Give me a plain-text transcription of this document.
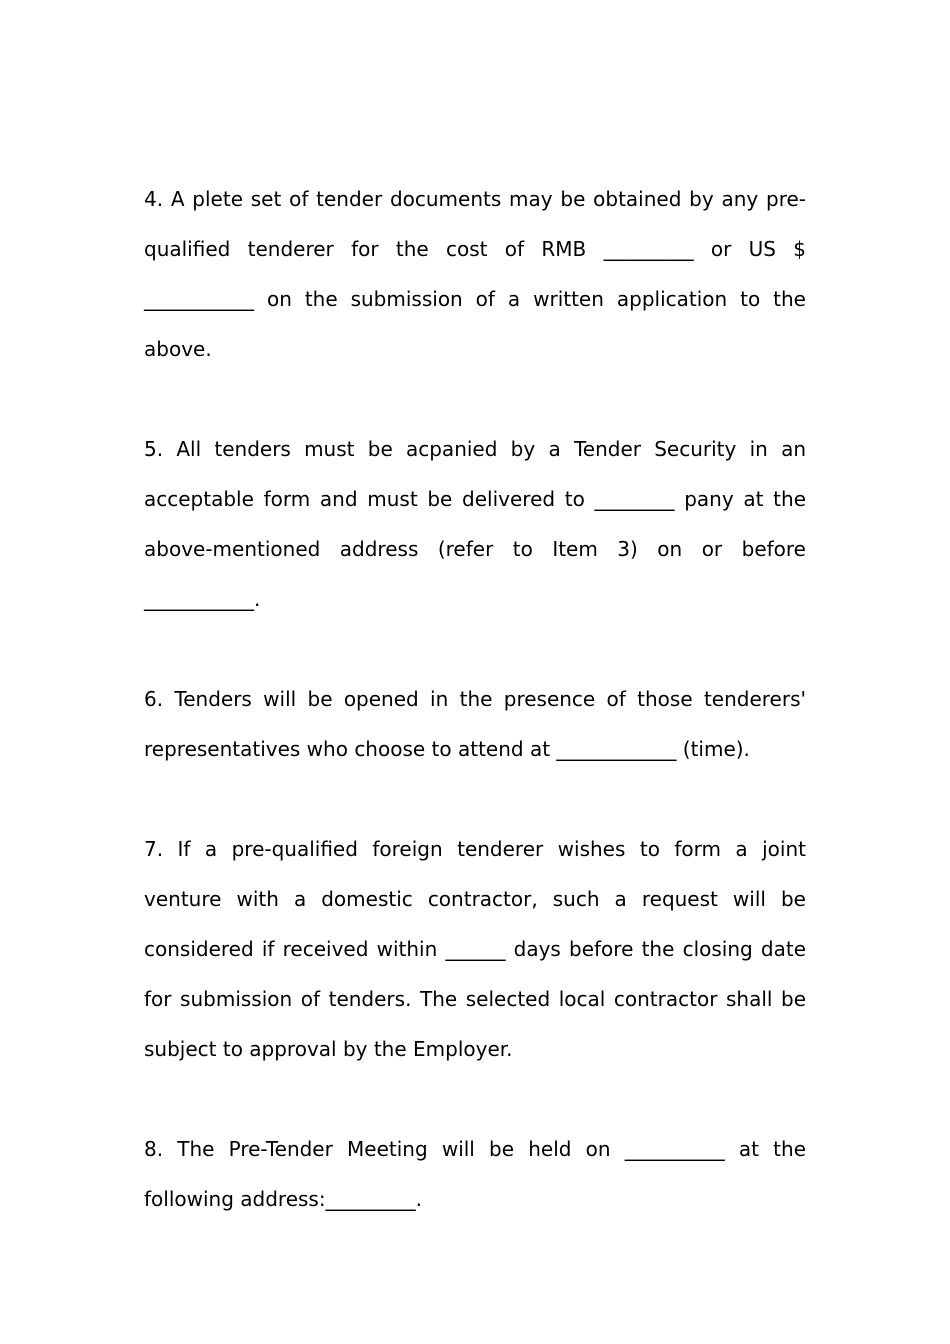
4. A plete set of tender documents may be obtained by any pre-qualified tenderer for the cost of RMB _________ or US $ ___________ on the submission of a written application to the above.

5. All tenders must be acpanied by a Tender Security in an acceptable form and must be delivered to ________ pany at the above-mentioned address (refer to Item 3) on or before ___________.

6. Tenders will be opened in the presence of those tenderers' representatives who choose to attend at ____________ (time).

7. If a pre-qualified foreign tenderer wishes to form a joint venture with a domestic contractor, such a request will be considered if received within ______ days before the closing date for submission of tenders. The selected local contractor shall be subject to approval by the Employer.

8. The Pre-Tender Meeting will be held on __________ at the following address:_________.
